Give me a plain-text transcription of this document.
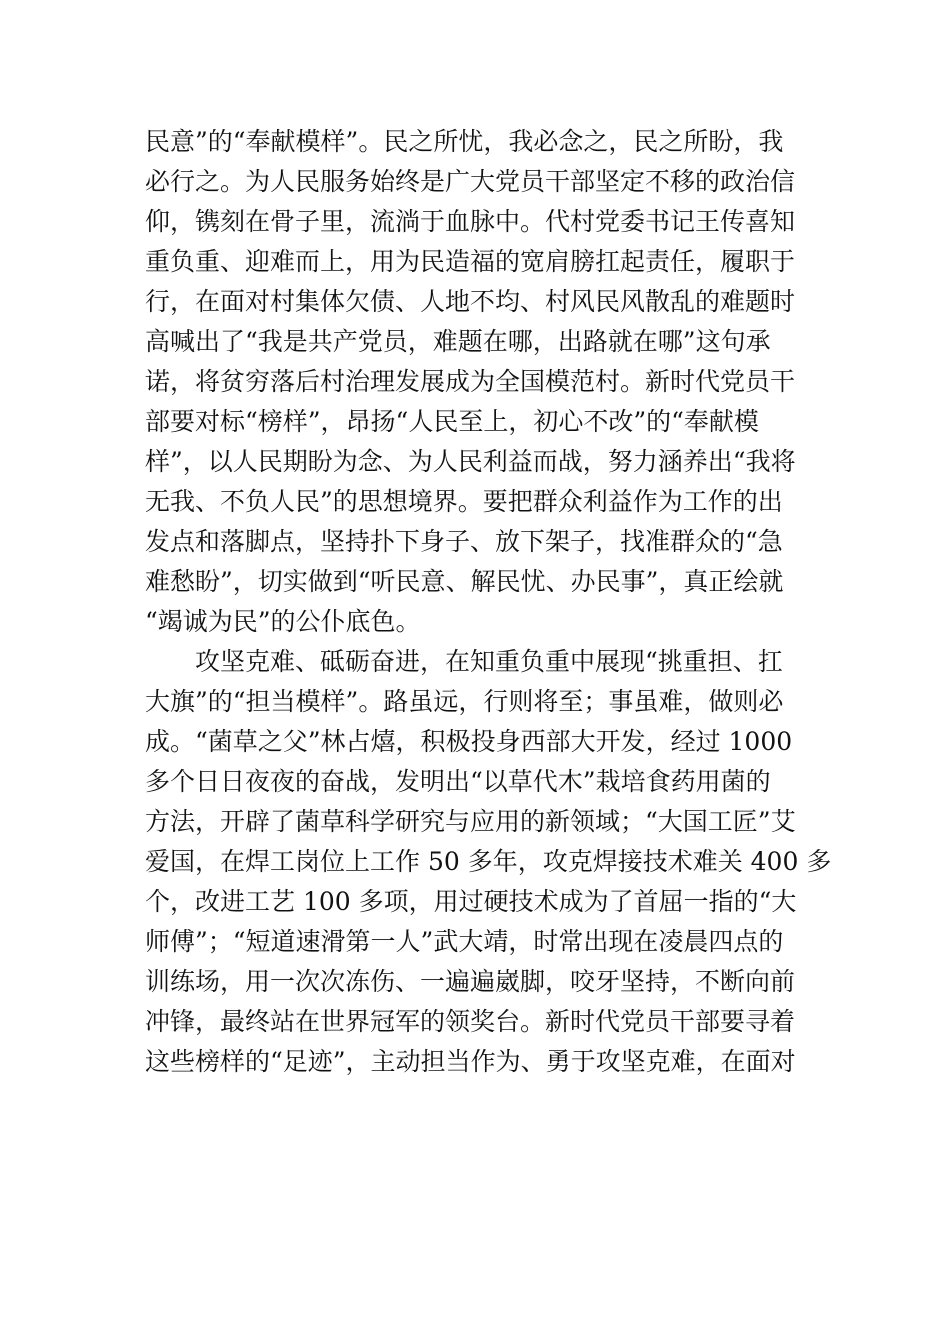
民意”的“奉献模样”。民之所忧，我必念之，民之所盼，我
必行之。为人民服务始终是广大党员干部坚定不移的政治信
仰，镌刻在骨子里，流淌于血脉中。代村党委书记王传喜知
重负重、迎难而上，用为民造福的宽肩膀扛起责任，履职于
行，在面对村集体欠债、人地不均、村风民风散乱的难题时
高喊出了“我是共产党员，难题在哪，出路就在哪”这句承
诺，将贫穷落后村治理发展成为全国模范村。新时代党员干
部要对标“榜样”，昂扬“人民至上，初心不改”的“奉献模
样”，以人民期盼为念、为人民利益而战，努力涵养出“我将
无我、不负人民”的思想境界。要把群众利益作为工作的出
发点和落脚点，坚持扑下身子、放下架子，找准群众的“急
难愁盼”，切实做到“听民意、解民忧、办民事”，真正绘就
“竭诚为民”的公仆底色。
攻坚克难、砥砺奋进，在知重负重中展现“挑重担、扛
大旗”的“担当模样”。路虽远，行则将至；事虽难，做则必
成。“菌草之父”林占熺，积极投身西部大开发，经过 1000
多个日日夜夜的奋战，发明出“以草代木”栽培食药用菌的
方法，开辟了菌草科学研究与应用的新领域；“大国工匠”艾
爱国，在焊工岗位上工作 50 多年，攻克焊接技术难关 400 多
个，改进工艺 100 多项，用过硬技术成为了首屈一指的“大
师傅”；“短道速滑第一人”武大靖，时常出现在凌晨四点的
训练场，用一次次冻伤、一遍遍崴脚，咬牙坚持，不断向前
冲锋，最终站在世界冠军的领奖台。新时代党员干部要寻着
这些榜样的“足迹”，主动担当作为、勇于攻坚克难，在面对
